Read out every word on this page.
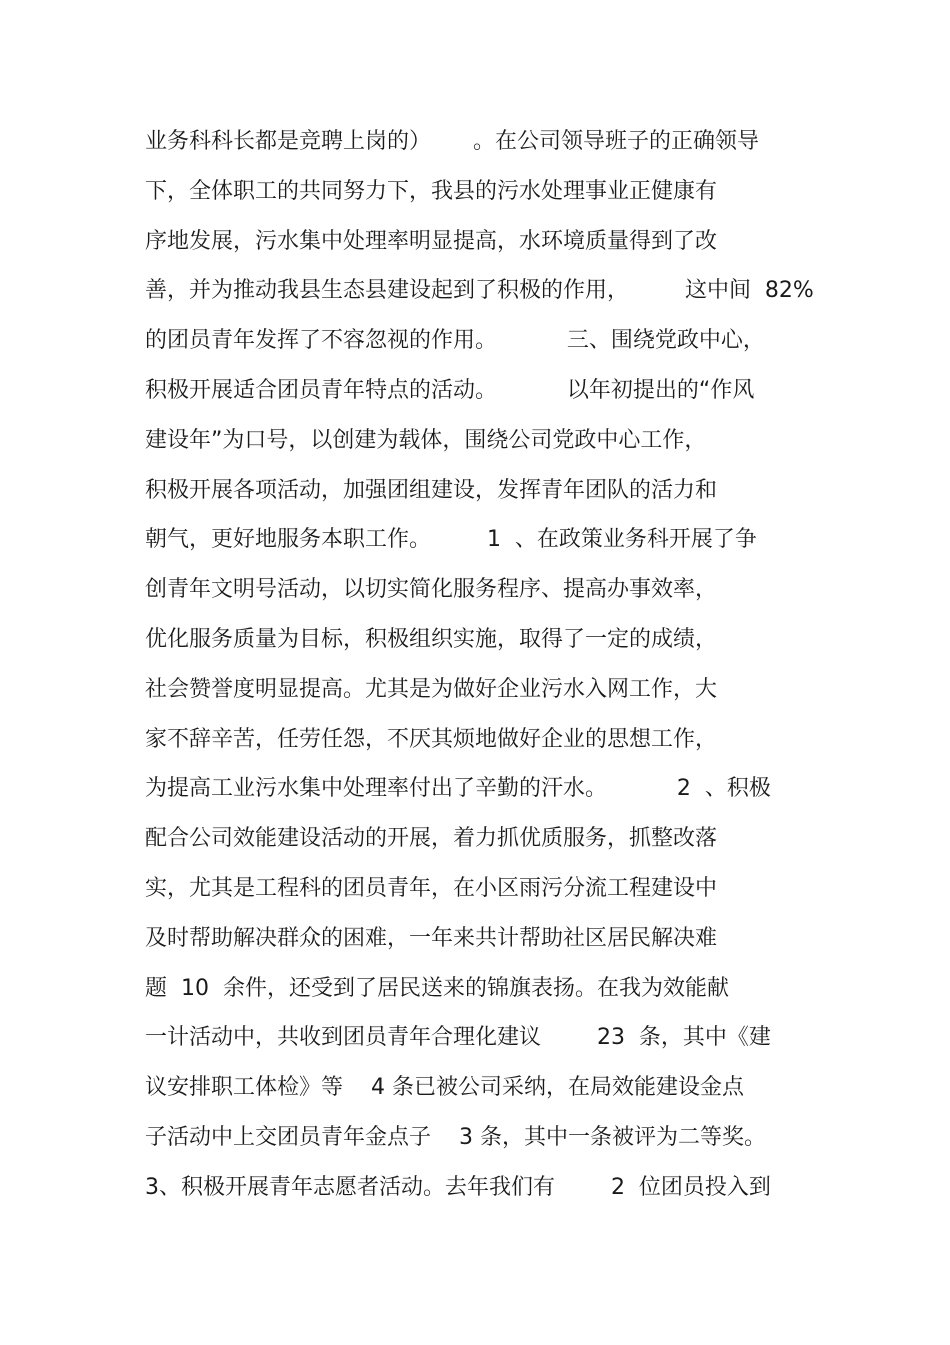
业务科科长都是竞聘上岗的）      。在公司领导班子的正确领导
下，全体职工的共同努力下，我县的污水处理事业正健康有
序地发展，污水集中处理率明显提高，水环境质量得到了改
善，并为推动我县生态县建设起到了积极的作用，        这中间  82%
的团员青年发挥了不容忽视的作用。          三、围绕党政中心，
积极开展适合团员青年特点的活动。          以年初提出的“作风
建设年”为口号，以创建为载体，围绕公司党政中心工作，
积极开展各项活动，加强团组建设，发挥青年团队的活力和
朝气，更好地服务本职工作。        1  、在政策业务科开展了争
创青年文明号活动，以切实简化服务程序、提高办事效率，
优化服务质量为目标，积极组织实施，取得了一定的成绩，
社会赞誉度明显提高。尤其是为做好企业污水入网工作，大
家不辞辛苦，任劳任怨，不厌其烦地做好企业的思想工作，
为提高工业污水集中处理率付出了辛勤的汗水。          2  、积极
配合公司效能建设活动的开展，着力抓优质服务，抓整改落
实，尤其是工程科的团员青年，在小区雨污分流工程建设中
及时帮助解决群众的困难，一年来共计帮助社区居民解决难
题  10  余件，还受到了居民送来的锦旗表扬。在我为效能献
一计活动中，共收到团员青年合理化建议        23  条，其中《建
议安排职工体检》等    4 条已被公司采纳，在局效能建设金点
子活动中上交团员青年金点子    3 条，其中一条被评为二等奖。
3、积极开展青年志愿者活动。去年我们有        2  位团员投入到
